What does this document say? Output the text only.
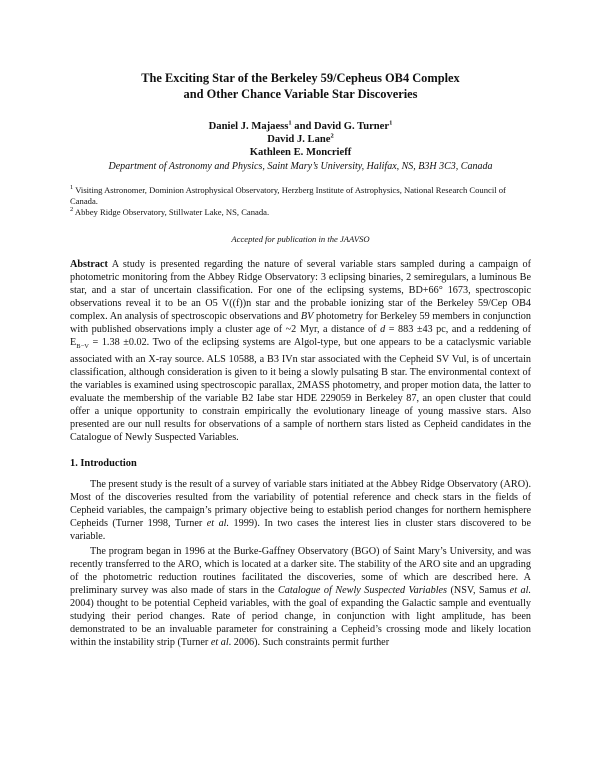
The Exciting Star of the Berkeley 59/Cepheus OB4 Complex
and Other Chance Variable Star Discoveries
Daniel J. Majaess$^1$ and David G. Turner$^1$
David J. Lane$^2$
Kathleen E. Moncrieff
Department of Astronomy and Physics, Saint Mary’s University, Halifax, NS, B3H 3C3, Canada
$^1$ Visiting Astronomer, Dominion Astrophysical Observatory, Herzberg Institute of Astrophysics, National Research Council of Canada.
$^2$ Abbey Ridge Observatory, Stillwater Lake, NS, Canada.
Accepted for publication in the JAAVSO
Abstract A study is presented regarding the nature of several variable stars sampled during a campaign of photometric monitoring from the Abbey Ridge Observatory: 3 eclipsing binaries, 2 semiregulars, a luminous Be star, and a star of uncertain classification. For one of the eclipsing systems, BD+66° 1673, spectroscopic observations reveal it to be an O5 V((f))n star and the probable ionizing star of the Berkeley 59/Cep OB4 complex. An analysis of spectroscopic observations and BV photometry for Berkeley 59 members in conjunction with published observations imply a cluster age of ~2 Myr, a distance of d = 883 ±43 pc, and a reddening of $E_{B-V} = 1.38 \pm 0.02$. Two of the eclipsing systems are Algol-type, but one appears to be a cataclysmic variable associated with an X-ray source. ALS 10588, a B3 IVn star associated with the Cepheid SV Vul, is of uncertain classification, although consideration is given to it being a slowly pulsating B star. The environmental context of the variables is examined using spectroscopic parallax, 2MASS photometry, and proper motion data, the latter to evaluate the membership of the variable B2 Iabe star HDE 229059 in Berkeley 87, an open cluster that could offer a unique opportunity to constrain empirically the evolutionary lineage of young massive stars. Also presented are our null results for observations of a sample of northern stars listed as Cepheid candidates in the Catalogue of Newly Suspected Variables.
1. Introduction
The present study is the result of a survey of variable stars initiated at the Abbey Ridge Observatory (ARO). Most of the discoveries resulted from the variability of potential reference and check stars in the fields of Cepheid variables, the campaign’s primary objective being to establish period changes for northern hemisphere Cepheids (Turner 1998, Turner et al. 1999). In two cases the interest lies in cluster stars discovered to be variable.
The program began in 1996 at the Burke-Gaffney Observatory (BGO) of Saint Mary’s University, and was recently transferred to the ARO, which is located at a darker site. The stability of the ARO site and an upgrading of the photometric reduction routines facilitated the discoveries, some of which are described here. A preliminary survey was also made of stars in the Catalogue of Newly Suspected Variables (NSV, Samus et al. 2004) thought to be potential Cepheid variables, with the goal of expanding the Galactic sample and eventually studying their period changes. Rate of period change, in conjunction with light amplitude, has been demonstrated to be an invaluable parameter for constraining a Cepheid’s crossing mode and likely location within the instability strip (Turner et al. 2006). Such constraints permit further
